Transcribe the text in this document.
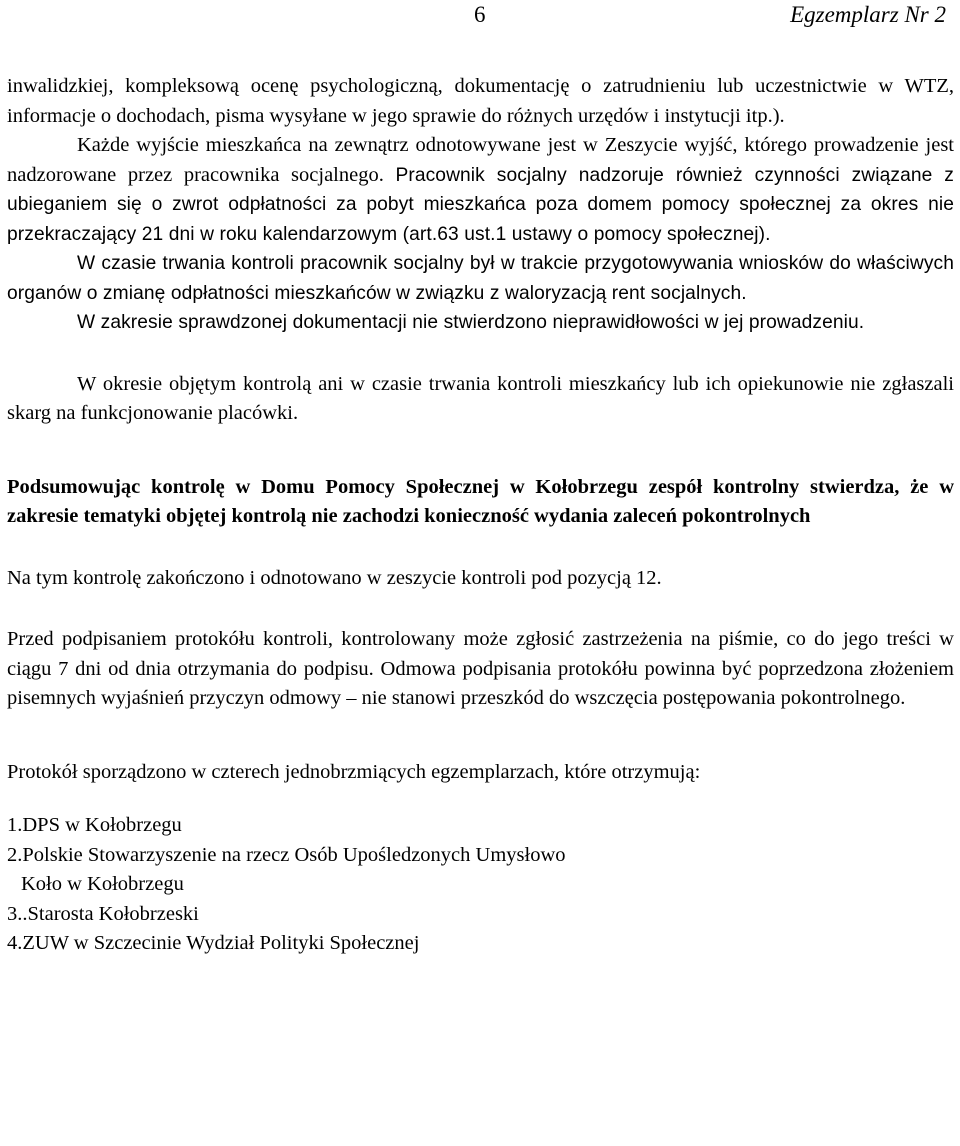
6	Egzemplarz Nr 2

inwalidzkiej, kompleksową ocenę psychologiczną, dokumentację o zatrudnieniu lub uczestnictwie w WTZ, informacje o dochodach, pisma wysyłane w jego sprawie do różnych urzędów i instytucji itp.).

Każde wyjście mieszkańca na zewnątrz odnotowywane jest w Zeszycie wyjść, którego prowadzenie jest nadzorowane przez pracownika socjalnego. Pracownik socjalny nadzoruje również czynności związane z ubieganiem się o zwrot odpłatności za pobyt mieszkańca poza domem pomocy społecznej za okres nie przekraczający 21 dni w roku kalendarzowym (art.63 ust.1 ustawy o pomocy społecznej).

W czasie trwania kontroli pracownik socjalny był w trakcie przygotowywania wniosków do właściwych organów o zmianę odpłatności mieszkańców w związku z waloryzacją rent socjalnych.

W zakresie sprawdzonej dokumentacji nie stwierdzono nieprawidłowości w jej prowadzeniu.

W okresie objętym kontrolą ani w czasie trwania kontroli mieszkańcy lub ich opiekunowie nie zgłaszali skarg na funkcjonowanie placówki.

Podsumowując kontrolę w Domu Pomocy Społecznej w Kołobrzegu zespół kontrolny stwierdza, że w zakresie tematyki objętej kontrolą nie zachodzi konieczność wydania zaleceń pokontrolnych

Na tym kontrolę zakończono i odnotowano w zeszycie kontroli pod pozycją 12.

Przed podpisaniem protokółu kontroli, kontrolowany może zgłosić zastrzeżenia na piśmie, co do jego treści w ciągu 7 dni od dnia otrzymania do podpisu. Odmowa podpisania protokółu powinna być poprzedzona złożeniem pisemnych wyjaśnień przyczyn odmowy – nie stanowi przeszkód do wszczęcia postępowania pokontrolnego.

Protokół sporządzono w czterech jednobrzmiących egzemplarzach, które otrzymują:

1.DPS w Kołobrzegu
2.Polskie Stowarzyszenie na rzecz Osób Upośledzonych Umysłowo
Koło w Kołobrzegu
3..Starosta Kołobrzeski
4.ZUW w Szczecinie Wydział Polityki Społecznej
